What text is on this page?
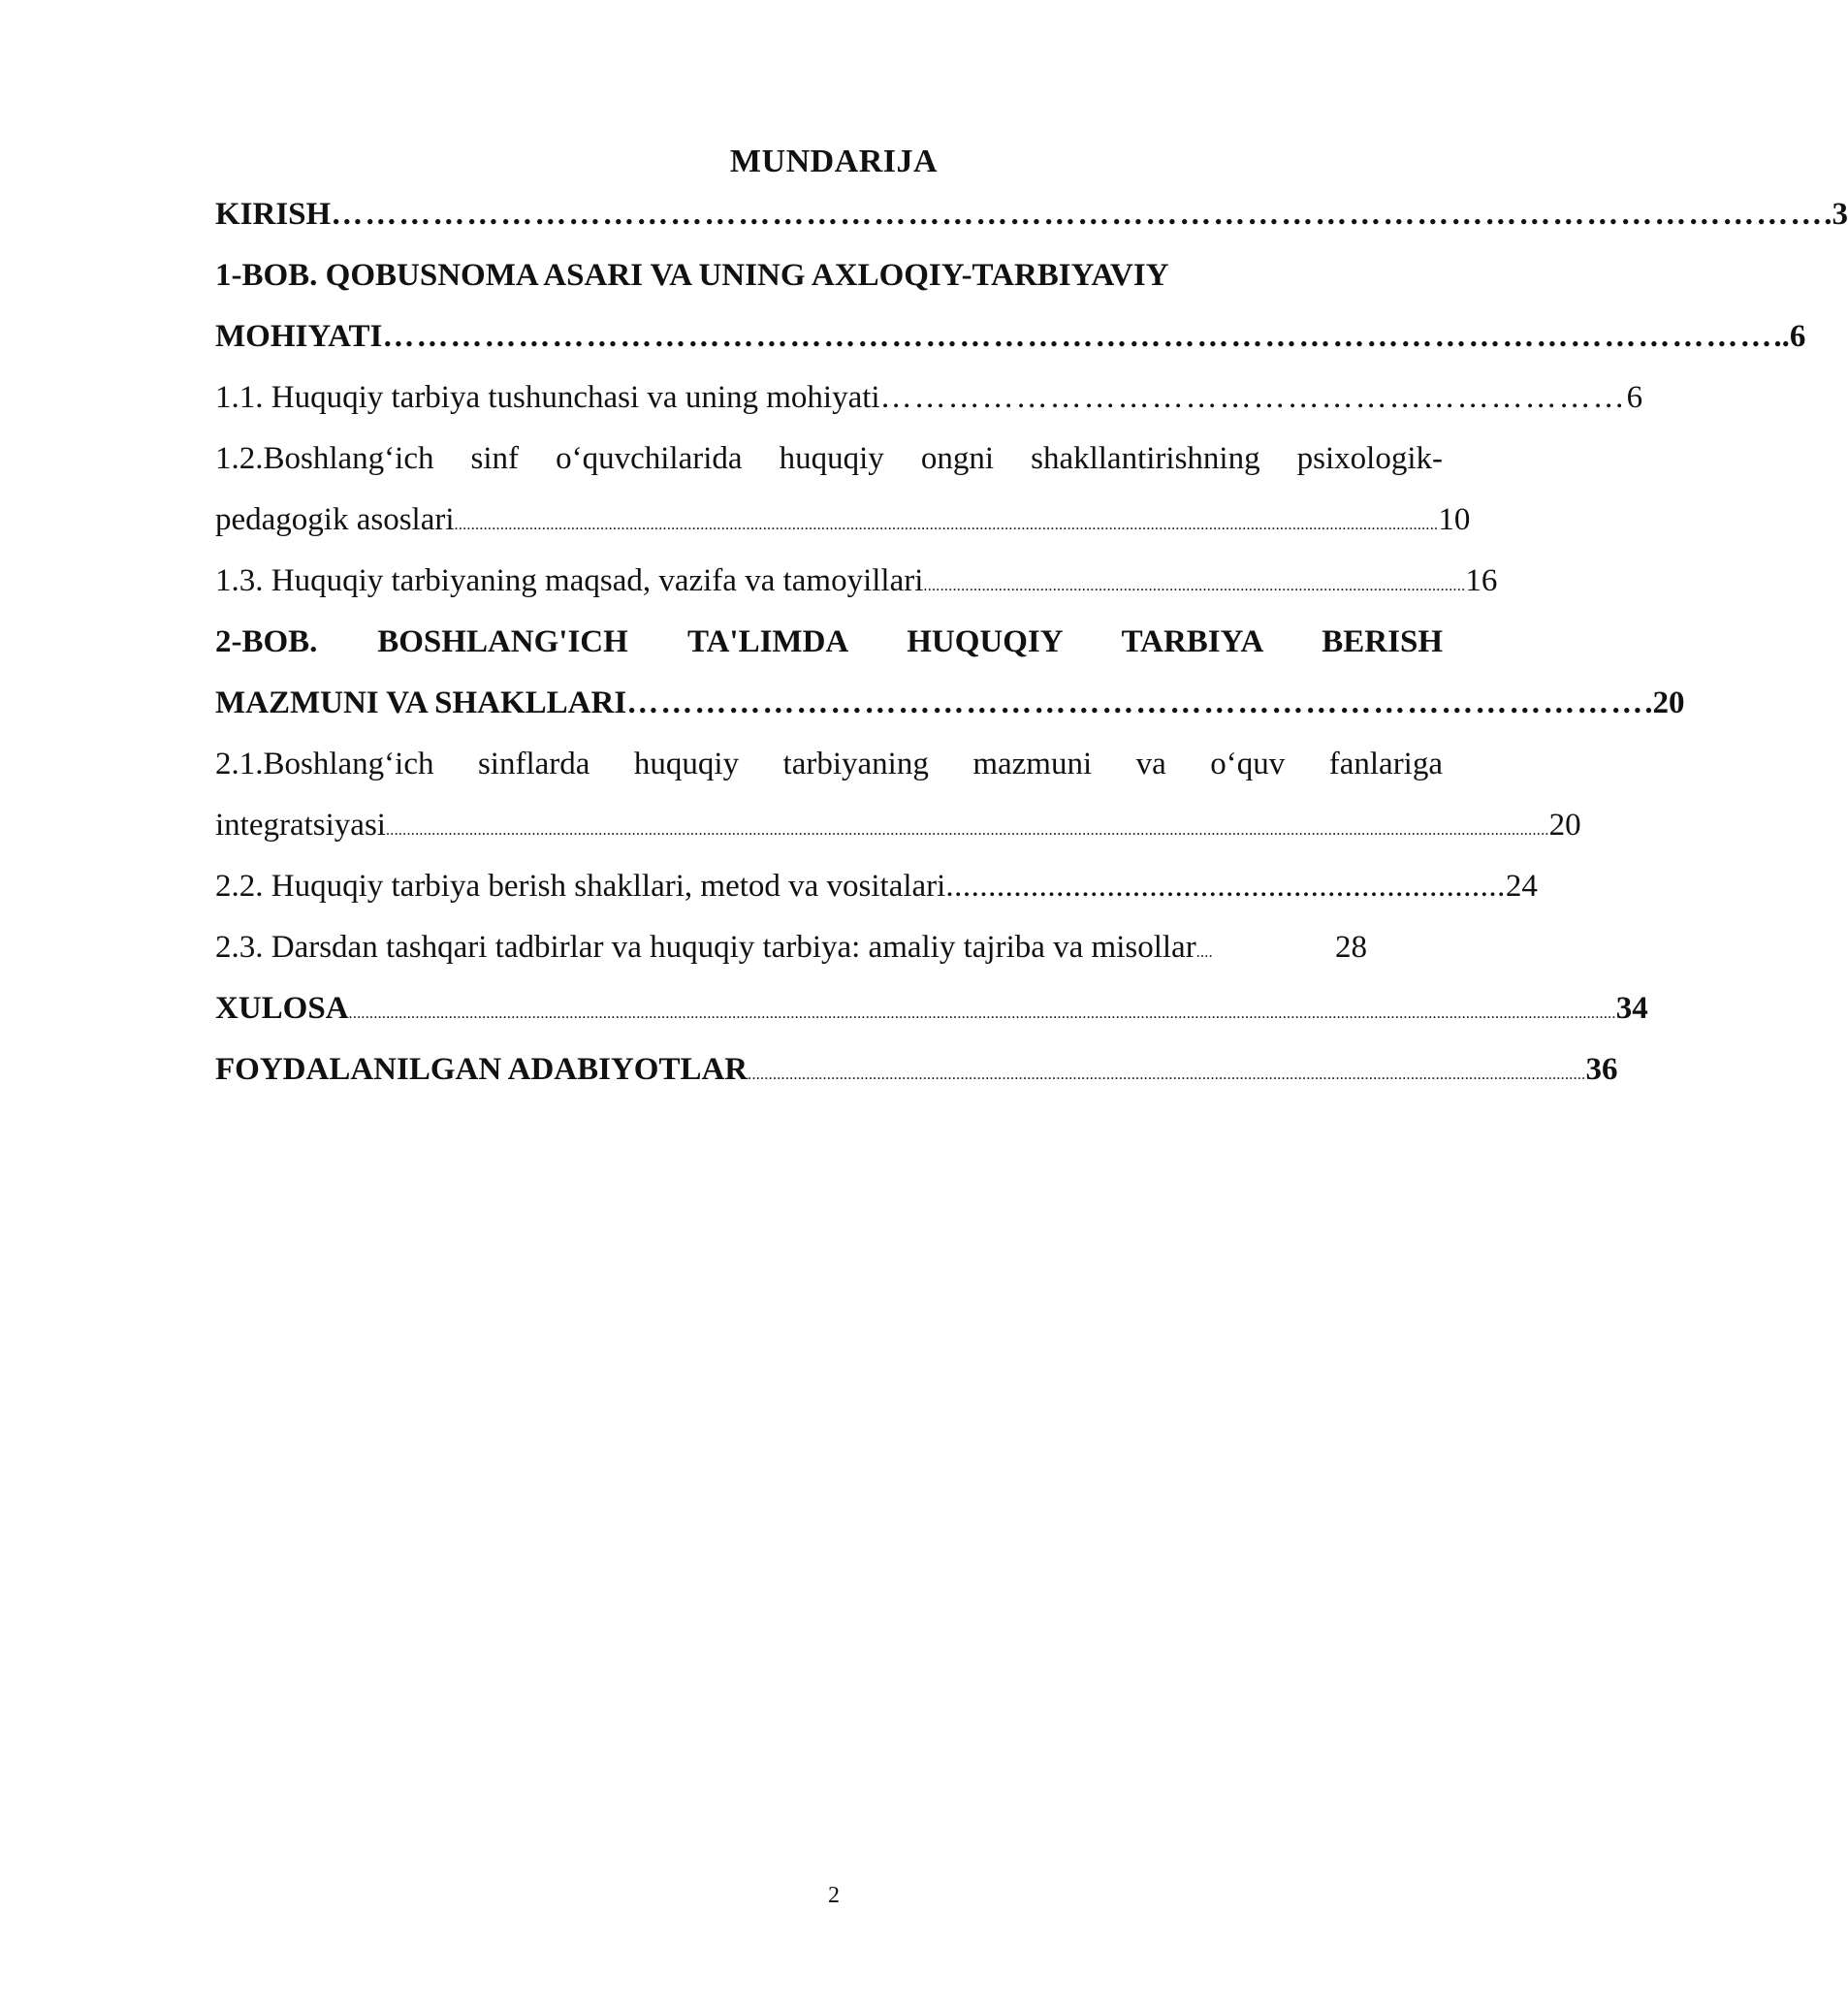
MUNDARIJA
KIRISH …………………………………………………………………………………………………………………… .3
1-BOB. QOBUSNOMA ASARI VA UNING AXLOQIY-TARBIYAVIY
MOHIYATI …………………………………………………………………………………………………………… ..6
1.1. Huquqiy tarbiya tushunchasi va uning mohiyati ………………………………………………………… 6
1.2.Boshlang‘ich sinf o‘quvchilarida huquqiy ongni shakllantirishning psixologik-
pedagogik asoslari ............................................................................................................................................................................................................................................ 10
1.3. Huquqiy tarbiyaning maqsad, vazifa va tamoyillari .................................................................................................................................. 16
2-BOB. BOSHLANG'ICH TA'LIMDA HUQUQIY TARBIYA BERISH
MAZMUNI VA SHAKLLARI ……………………………………………………………………………… .20
2.1.Boshlang‘ich sinflarda huquqiy tarbiyaning mazmuni va o‘quv fanlariga
integratsiyasi ....................................................................................................................................................................................................................................................................................... 20
2.2. Huquqiy tarbiya berish shakllari, metod va vositalari .................................................................. 24
2.3. Darsdan tashqari tadbirlar va huquqiy tarbiya: amaliy tajriba va misollar ....	28
XULOSA ................................................................................................................................................................................................................................................................................................................ 34
FOYDALANILGAN ADABIYOTLAR ......................................................................................................................................................................................................... 36
2
